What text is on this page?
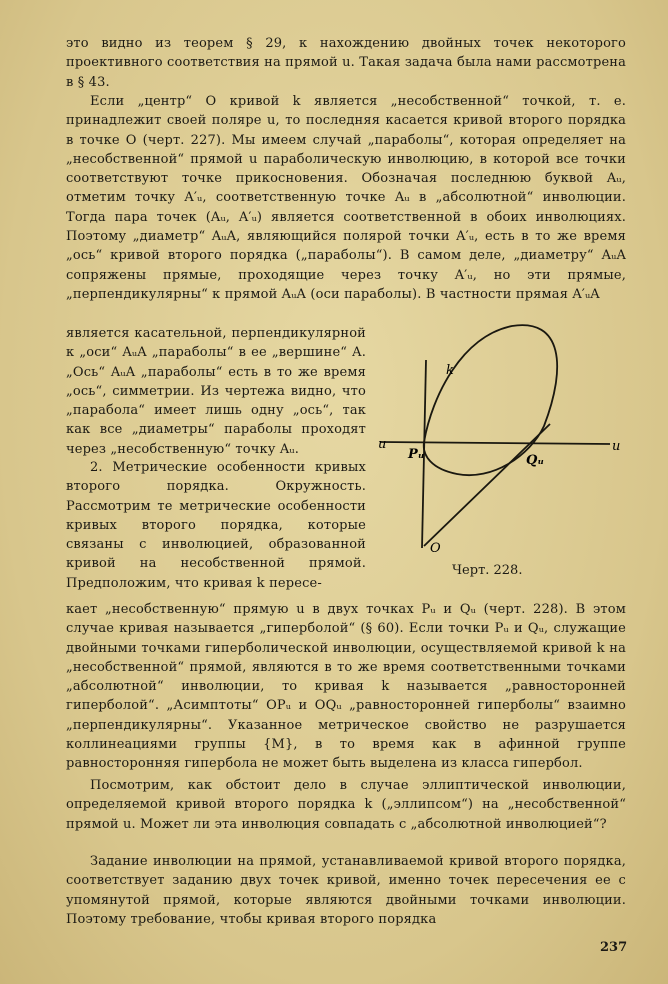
это видно из теорем § 29, к нахождению двойных точек некоторого проективного соответствия на прямой u. Такая задача была нами рассмотрена в § 43.

Если „центр“ O кривой k является „несобственной“ точкой, т. е. принадлежит своей поляре u, то последняя касается кривой второго порядка в точке O (черт. 227). Мы имеем случай „параболы“, которая определяет на „несобственной“ прямой u параболическую инволюцию, в которой все точки соответствуют точке прикосновения. Обозначая последнюю буквой Aᵤ, отметим точку A′ᵤ, соответственную точке Aᵤ в „абсолютной“ инволюции. Тогда пара точек (Aᵤ, A′ᵤ) является соответственной в обоих инволюциях. Поэтому „диаметр“ AᵤA, являющийся полярой точки A′ᵤ, есть в то же время „ось“ кривой второго порядка („параболы“). В самом деле, „диаметру“ AᵤA сопряжены прямые, проходящие через точку A′ᵤ, но эти прямые, „перпендикулярны“ к прямой AᵤA (оси параболы). В частности прямая A′ᵤA

является касательной, перпендикулярной к „оси“ AᵤA „параболы“ в ее „вершине“ A. „Ось“ AᵤA „параболы“ есть в то же время „ось“, симметрии. Из чертежа видно, что „парабола“ имеет лишь одну „ось“, так как все „диаметры“ параболы проходят через „несобственную“ точку Aᵤ.

2. Метрические особенности кривых второго порядка. Окружность. Рассмотрим те метрические особенности кривых второго порядка, которые связаны с инволюцией, образованной кривой на несобственной прямой. Предположим, что кривая k пересе-

кает „несобственную“ прямую u в двух точках Pᵤ и Qᵤ (черт. 228). В этом случае кривая называется „гиперболой“ (§ 60). Если точки Pᵤ и Qᵤ, служащие двойными точками гиперболической инволюции, осуществляемой кривой k на „несобственной“ прямой, являются в то же время соответственными точками „абсолютной“ инволюции, то кривая k называется „равносторонней гиперболой“. „Асимптоты“ OPᵤ и OQᵤ „равносторонней гиперболы“ взаимно „перпендикулярны“. Указанное метрическое свойство не разрушается коллинеациями группы {M}, в то время как в афинной группе равносторонняя гипербола не может быть выделена из класса гипербол.

Посмотрим, как обстоит дело в случае эллиптической инволюции, определяемой кривой второго порядка k („эллипсом“) на „несобственной“ прямой u. Может ли эта инволюция совпадать с „абсолютной инволюцией“?

Задание инволюции на прямой, устанавливаемой кривой второго порядка, соответствует заданию двух точек кривой, именно точек пересечения ее с упомянутой прямой, которые являются двойными точками инволюции. Поэтому требование, чтобы кривая второго порядка

u	u
k
Pᵤ	Qᵤ
O
Черт. 228.
237
